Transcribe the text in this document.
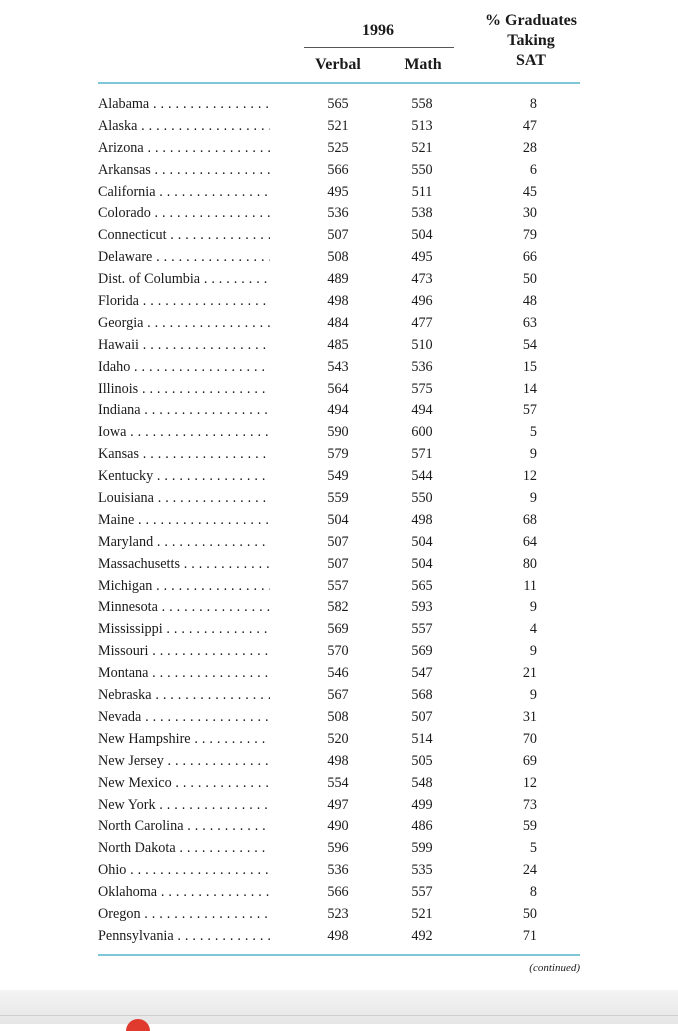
1996
Verbal	Math
% Graduates
Taking
SAT
Alabama . . .	565	558	8
Alaska . . .	521	513	47
Arizona . . .	525	521	28
Arkansas . . .	566	550	6
California . . .	495	511	45
Colorado . . .	536	538	30
Connecticut . . .	507	504	79
Delaware . . .	508	495	66
Dist. of Columbia . . .	489	473	50
Florida . . .	498	496	48
Georgia . . .	484	477	63
Hawaii . . .	485	510	54
Idaho . . .	543	536	15
Illinois . . .	564	575	14
Indiana . . .	494	494	57
Iowa . . .	590	600	5
Kansas . . .	579	571	9
Kentucky . . .	549	544	12
Louisiana . . .	559	550	9
Maine . . .	504	498	68
Maryland . . .	507	504	64
Massachusetts . . .	507	504	80
Michigan . . .	557	565	11
Minnesota . . .	582	593	9
Mississippi . . .	569	557	4
Missouri . . .	570	569	9
Montana . . .	546	547	21
Nebraska . . .	567	568	9
Nevada . . .	508	507	31
New Hampshire . . .	520	514	70
New Jersey . . .	498	505	69
New Mexico . . .	554	548	12
New York . . .	497	499	73
North Carolina . . .	490	486	59
North Dakota . . .	596	599	5
Ohio . . .	536	535	24
Oklahoma . . .	566	557	8
Oregon . . .	523	521	50
Pennsylvania . . .	498	492	71
(continued)
